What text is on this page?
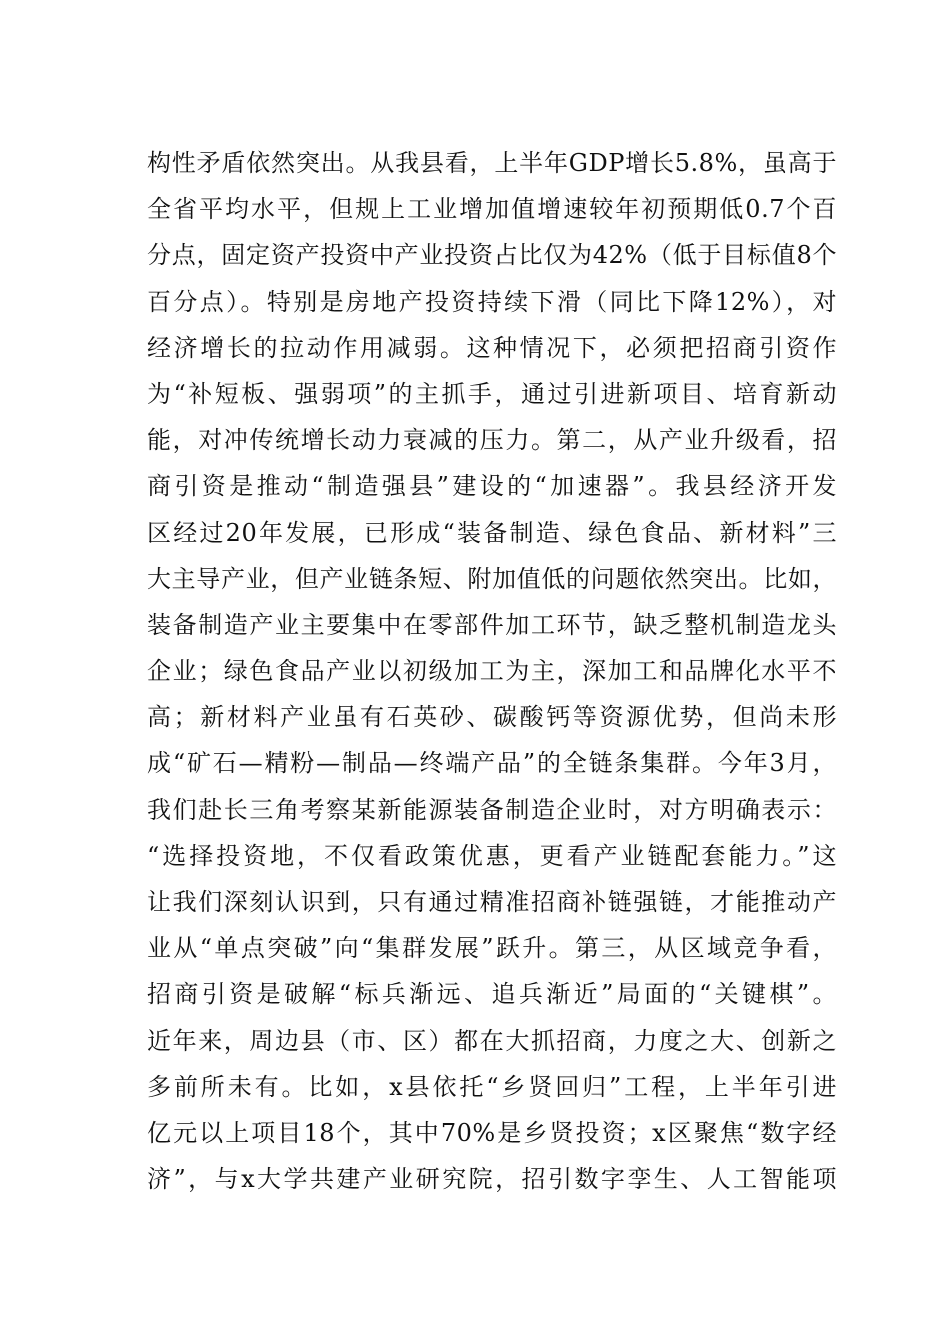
构性矛盾依然突出。从我县看，上半年GDP增长5.8%，虽高于
全省平均水平，但规上工业增加值增速较年初预期低0.7个百
分点，固定资产投资中产业投资占比仅为42%（低于目标值8个
百分点）。特别是房地产投资持续下滑（同比下降12%），对
经济增长的拉动作用减弱。这种情况下，必须把招商引资作
为“补短板、强弱项”的主抓手，通过引进新项目、培育新动
能，对冲传统增长动力衰减的压力。第二，从产业升级看，招
商引资是推动“制造强县”建设的“加速器”。我县经济开发
区经过20年发展，已形成“装备制造、绿色食品、新材料”三
大主导产业，但产业链条短、附加值低的问题依然突出。比如，
装备制造产业主要集中在零部件加工环节，缺乏整机制造龙头
企业；绿色食品产业以初级加工为主，深加工和品牌化水平不
高；新材料产业虽有石英砂、碳酸钙等资源优势，但尚未形
成“矿石—精粉—制品—终端产品”的全链条集群。今年3月，
我们赴长三角考察某新能源装备制造企业时，对方明确表示：
“选择投资地，不仅看政策优惠，更看产业链配套能力。”这
让我们深刻认识到，只有通过精准招商补链强链，才能推动产
业从“单点突破”向“集群发展”跃升。第三，从区域竞争看，
招商引资是破解“标兵渐远、追兵渐近”局面的“关键棋”。
近年来，周边县（市、区）都在大抓招商，力度之大、创新之
多前所未有。比如，x县依托“乡贤回归”工程，上半年引进
亿元以上项目18个，其中70%是乡贤投资；x区聚焦“数字经
济”，与x大学共建产业研究院，招引数字孪生、人工智能项
